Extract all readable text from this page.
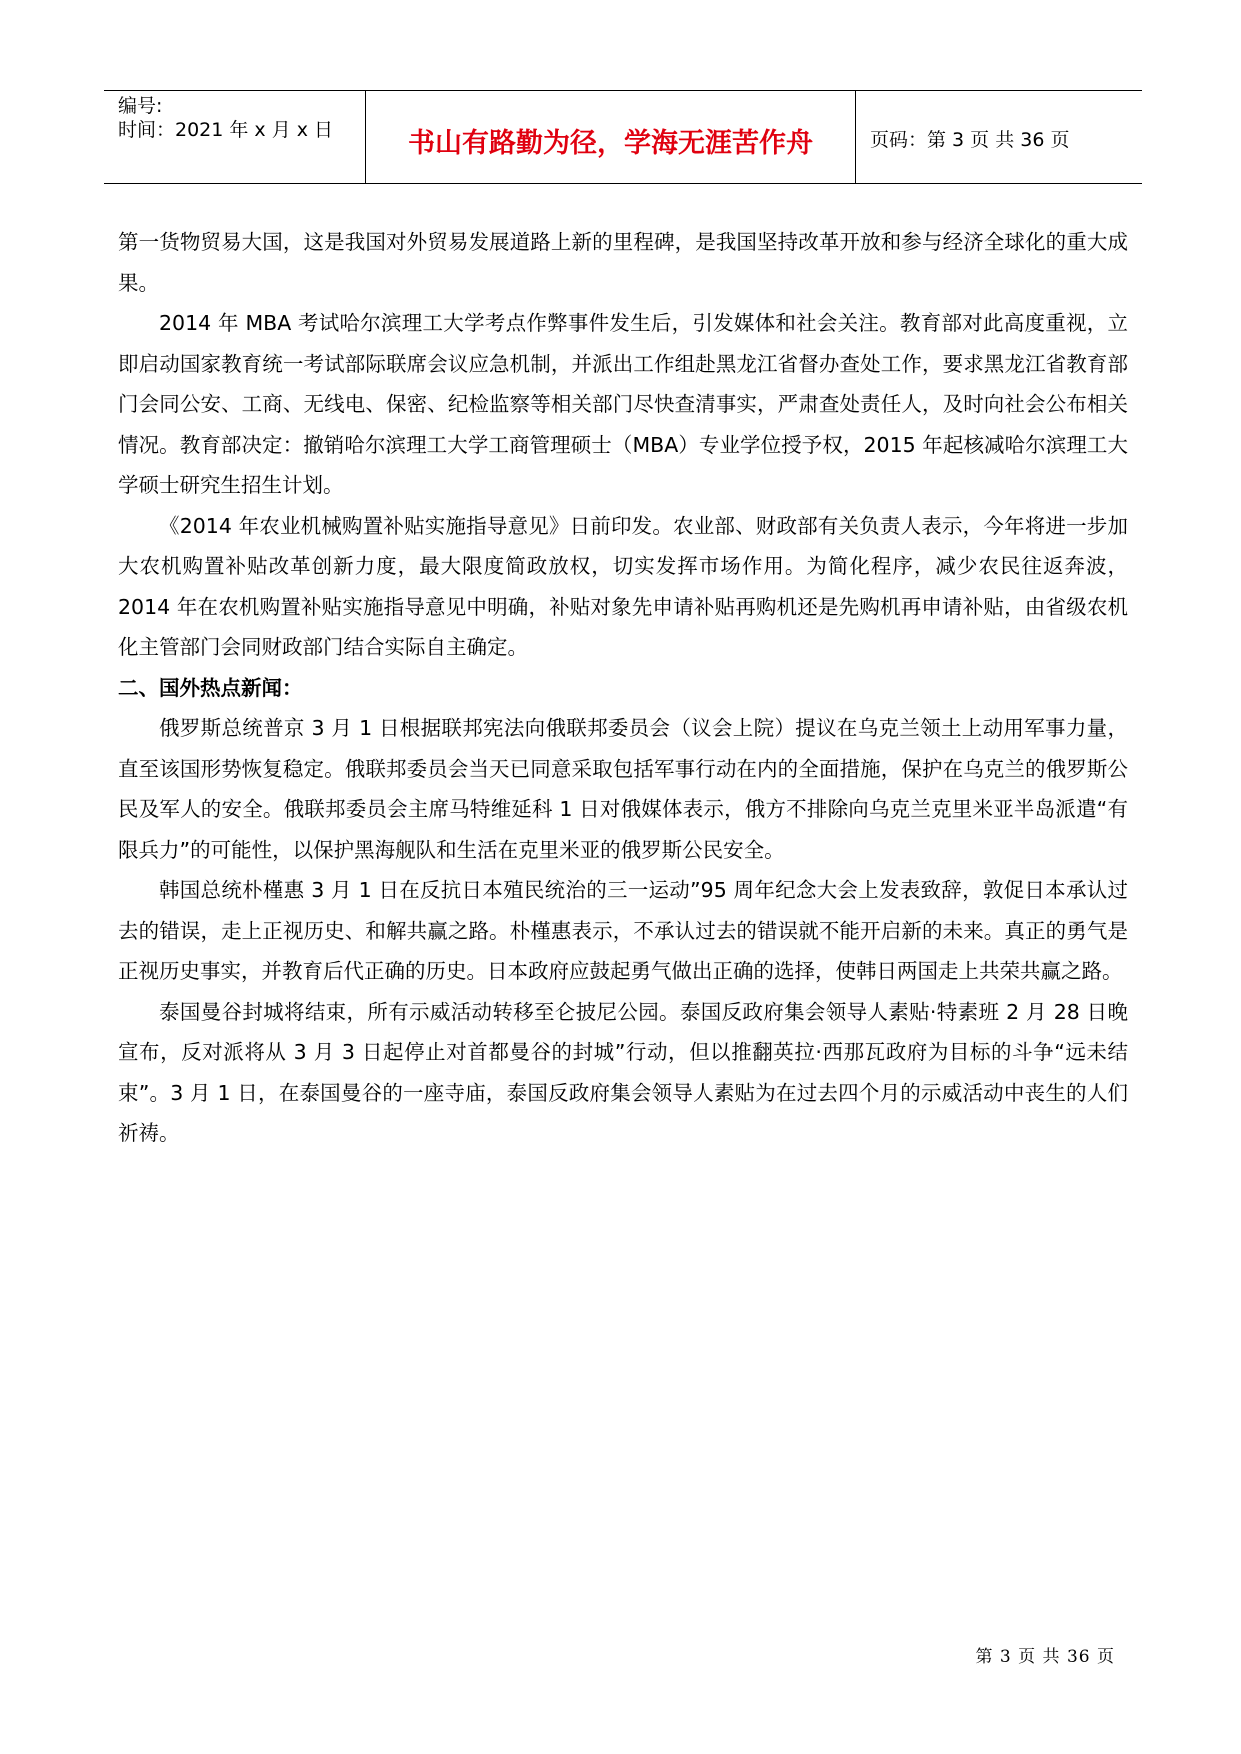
编号:
时间：2021 年 x 月 x 日	书山有路勤为径，学海无涯苦作舟	页码：第 3 页 共 36 页

第一货物贸易大国，这是我国对外贸易发展道路上新的里程碑，是我国坚持改革开放和参与经济全球化的重大成果。

2014 年 MBA 考试哈尔滨理工大学考点作弊事件发生后，引发媒体和社会关注。教育部对此高度重视，立即启动国家教育统一考试部际联席会议应急机制，并派出工作组赴黑龙江省督办查处工作，要求黑龙江省教育部门会同公安、工商、无线电、保密、纪检监察等相关部门尽快查清事实，严肃查处责任人，及时向社会公布相关情况。教育部决定：撤销哈尔滨理工大学工商管理硕士（MBA）专业学位授予权，2015 年起核减哈尔滨理工大学硕士研究生招生计划。

《2014 年农业机械购置补贴实施指导意见》日前印发。农业部、财政部有关负责人表示，今年将进一步加大农机购置补贴改革创新力度，最大限度简政放权，切实发挥市场作用。为简化程序，减少农民往返奔波，2014 年在农机购置补贴实施指导意见中明确，补贴对象先申请补贴再购机还是先购机再申请补贴，由省级农机化主管部门会同财政部门结合实际自主确定。

二、国外热点新闻：

俄罗斯总统普京 3 月 1 日根据联邦宪法向俄联邦委员会（议会上院）提议在乌克兰领土上动用军事力量，直至该国形势恢复稳定。俄联邦委员会当天已同意采取包括军事行动在内的全面措施，保护在乌克兰的俄罗斯公民及军人的安全。俄联邦委员会主席马特维延科 1 日对俄媒体表示，俄方不排除向乌克兰克里米亚半岛派遣“有限兵力”的可能性，以保护黑海舰队和生活在克里米亚的俄罗斯公民安全。

韩国总统朴槿惠 3 月 1 日在反抗日本殖民统治的三一运动”95 周年纪念大会上发表致辞，敦促日本承认过去的错误，走上正视历史、和解共赢之路。朴槿惠表示，不承认过去的错误就不能开启新的未来。真正的勇气是正视历史事实，并教育后代正确的历史。日本政府应鼓起勇气做出正确的选择，使韩日两国走上共荣共赢之路。

泰国曼谷封城将结束，所有示威活动转移至仑披尼公园。泰国反政府集会领导人素贴·特素班 2 月 28 日晚宣布，反对派将从 3 月 3 日起停止对首都曼谷的封城”行动，但以推翻英拉·西那瓦政府为目标的斗争“远未结束”。3 月 1 日，在泰国曼谷的一座寺庙，泰国反政府集会领导人素贴为在过去四个月的示威活动中丧生的人们祈祷。

第 3 页 共 36 页
